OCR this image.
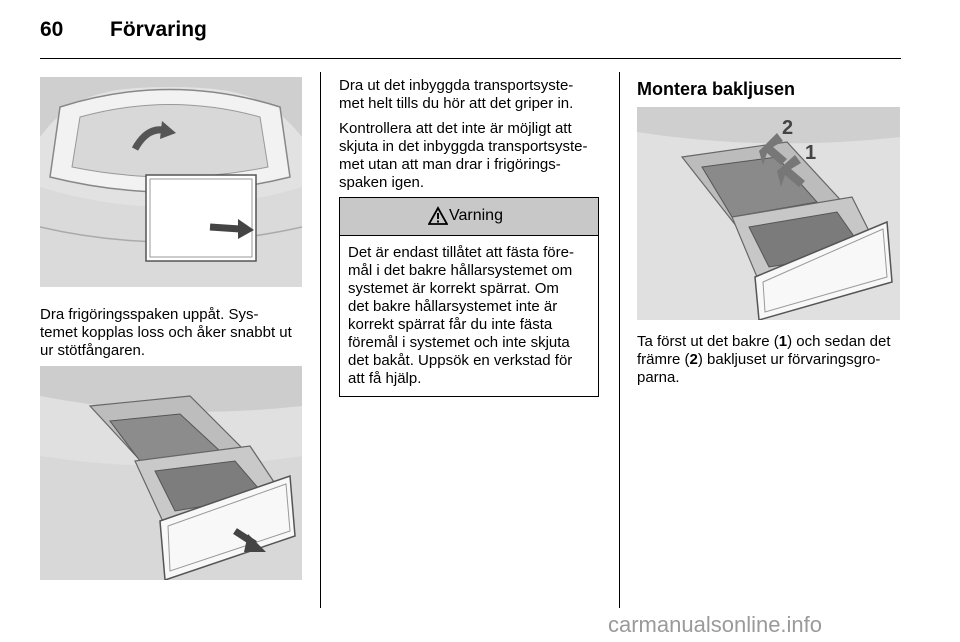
60 Förvaring

Dra frigöringsspaken uppåt. Sys-
temet kopplas loss och åker snabbt ut
ur stötfångaren.

Dra ut det inbyggda transportsyste-
met helt tills du hör att det griper in.

Kontrollera att det inte är möjligt att
skjuta in det inbyggda transportsyste-
met utan att man drar i frigörings-
spaken igen.

Varning

Det är endast tillåtet att fästa före-
mål i det bakre hållarsystemet om
systemet är korrekt spärrat. Om
det bakre hållarsystemet inte är
korrekt spärrat får du inte fästa
föremål i systemet och inte skjuta
det bakåt. Uppsök en verkstad för
att få hjälp.

Montera bakljusen
2
1

Ta först ut det bakre (1) och sedan det
främre (2) bakljuset ur förvaringsgro-
parna.

carmanualsonline.info
